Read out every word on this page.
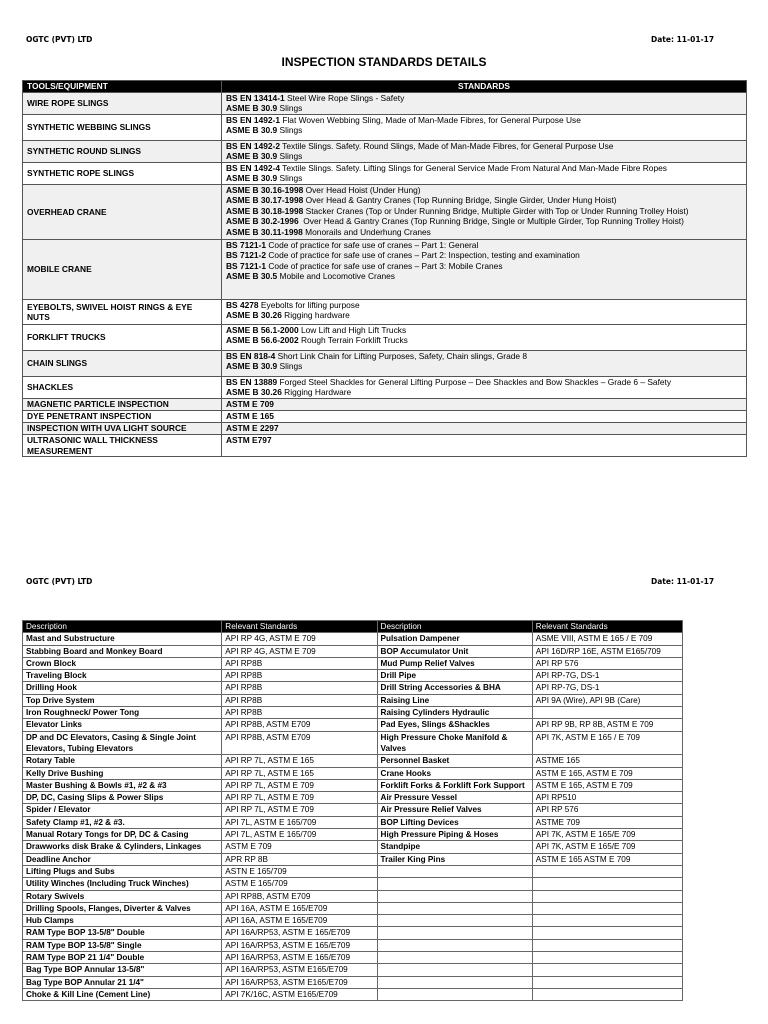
OGTC (PVT) LTD	Date: 11-01-17
INSPECTION STANDARDS DETAILS
TOOLS/EQUIPMENT	STANDARDS
WIRE ROPE SLINGS	BS EN 13414-1 Steel Wire Rope Slings - Safety
ASME B 30.9 Slings

SYNTHETIC WEBBING SLINGS	BS EN 1492-1 Flat Woven Webbing Sling, Made of Man-Made Fibres, for General Purpose Use
ASME B 30.9 Slings

SYNTHETIC ROUND SLINGS	BS EN 1492-2 Textile Slings. Safety. Round Slings, Made of Man-Made Fibres, for General Purpose Use
ASME B 30.9 Slings

SYNTHETIC ROPE SLINGS	BS EN 1492-4 Textile Slings. Safety. Lifting Slings for General Service Made From Natural And Man-Made Fibre Ropes
ASME B 30.9 Slings

OVERHEAD CRANE	ASME B 30.16-1998 Over Head Hoist (Under Hung)
ASME B 30.17-1998 Over Head & Gantry Cranes (Top Running Bridge, Single Girder, Under Hung Hoist)
ASME B 30.18-1998 Stacker Cranes (Top or Under Running Bridge, Multiple Girder with Top or Under Running Trolley Hoist)
ASME B 30.2-1996  Over Head & Gantry Cranes (Top Running Bridge, Single or Multiple Girder, Top Running Trolley Hoist)
ASME B 30.11-1998 Monorails and Underhung Cranes

MOBILE CRANE	BS 7121-1 Code of practice for safe use of cranes – Part 1: General
BS 7121-2 Code of practice for safe use of cranes – Part 2: Inspection, testing and examination
BS 7121-1 Code of practice for safe use of cranes – Part 3: Mobile Cranes
ASME B 30.5 Mobile and Locomotive Cranes

EYEBOLTS, SWIVEL HOIST RINGS & EYE NUTS	BS 4278 Eyebolts for lifting purpose
ASME B 30.26 Rigging hardware

FORKLIFT TRUCKS	ASME B 56.1-2000 Low Lift and High Lift Trucks
ASME B 56.6-2002 Rough Terrain Forklift Trucks

CHAIN SLINGS	BS EN 818-4 Short Link Chain for Lifting Purposes, Safety, Chain slings, Grade 8
ASME B 30.9 Slings

SHACKLES	BS EN 13889 Forged Steel Shackles for General Lifting Purpose – Dee Shackles and Bow Shackles – Grade 6 – Safety
ASME B 30.26 Rigging Hardware

MAGNETIC PARTICLE INSPECTION	ASTM E 709

DYE PENETRANT INSPECTION	ASTM E 165

INSPECTION WITH UVA LIGHT SOURCE	ASTM E 2297

ULTRASONIC WALL THICKNESS MEASUREMENT	ASTM E797
OGTC (PVT) LTD	Date: 11-01-17
Description	Relevant Standards	Description	Relevant Standards
Mast and Substructure	API RP 4G, ASTM E 709	Pulsation Dampener	ASME VIII, ASTM E 165 / E 709
Stabbing Board and Monkey Board	API RP 4G, ASTM E 709	BOP Accumulator Unit	API 16D/RP 16E, ASTM E165/709
Crown Block	API RP8B	Mud Pump Relief Valves	API RP 576
Traveling Block	API RP8B	Drill Pipe	API RP-7G, DS-1
Drilling Hook	API RP8B	Drill String Accessories & BHA	API RP-7G, DS-1
Top Drive System	API RP8B	Raising Line	API 9A (Wire), API 9B (Care)
Iron Roughneck/ Power Tong	API RP8B	Raising Cylinders Hydraulic	
Elevator Links	API RP8B, ASTM E709	Pad Eyes, Slings &Shackles	API RP 9B, RP 8B, ASTM E 709
DP and DC Elevators, Casing & Single Joint Elevators, Tubing Elevators	API RP8B, ASTM E709	High Pressure Choke Manifold & Valves	API 7K, ASTM E 165 / E 709
Rotary Table	API RP 7L, ASTM E 165	Personnel Basket	ASTME 165
Kelly Drive Bushing	API RP 7L, ASTM E 165	Crane Hooks	ASTM E 165, ASTM E 709
Master Bushing & Bowls #1, #2 & #3	API RP 7L, ASTM E 709	Forklift Forks & Forklift Fork Support	ASTM E 165, ASTM E 709
DP, DC, Casing Slips & Power Slips	API RP 7L, ASTM E 709	Air Pressure Vessel	API RP510
Spider / Elevator	API RP 7L, ASTM E 709	Air Pressure Relief Valves	API RP 576
Safety Clamp #1, #2 & #3.	API 7L, ASTM E 165/709	BOP Lifting Devices	ASTME 709
Manual Rotary Tongs for DP, DC & Casing	API 7L, ASTM E 165/709	High Pressure Piping & Hoses	API 7K, ASTM E 165/E 709
Drawworks disk Brake & Cylinders, Linkages	ASTM E 709	Standpipe	API 7K, ASTM E 165/E 709
Deadline Anchor	APR RP 8B	Trailer King Pins	ASTM E 165 ASTM E 709
Lifting Plugs and Subs	ASTN E 165/709		
Utility Winches (Including Truck Winches)	ASTM E 165/709		
Rotary Swivels	API RP8B, ASTM E709		
Drilling Spools, Flanges, Diverter & Valves	API 16A, ASTM E 165/E709		
Hub Clamps	API 16A, ASTM E 165/E709		
RAM Type BOP 13-5/8" Double	API 16A/RP53, ASTM E 165/E709		
RAM Type BOP 13-5/8" Single	API 16A/RP53, ASTM E 165/E709		
RAM Type BOP 21 1/4" Double	API 16A/RP53, ASTM E 165/E709		
Bag Type BOP Annular 13-5/8"	API 16A/RP53, ASTM E165/E709		
Bag Type BOP Annular 21 1/4"	API 16A/RP53, ASTM E165/E709		
Choke & Kill Line (Cement Line)	API 7K/16C, ASTM E165/E709		
